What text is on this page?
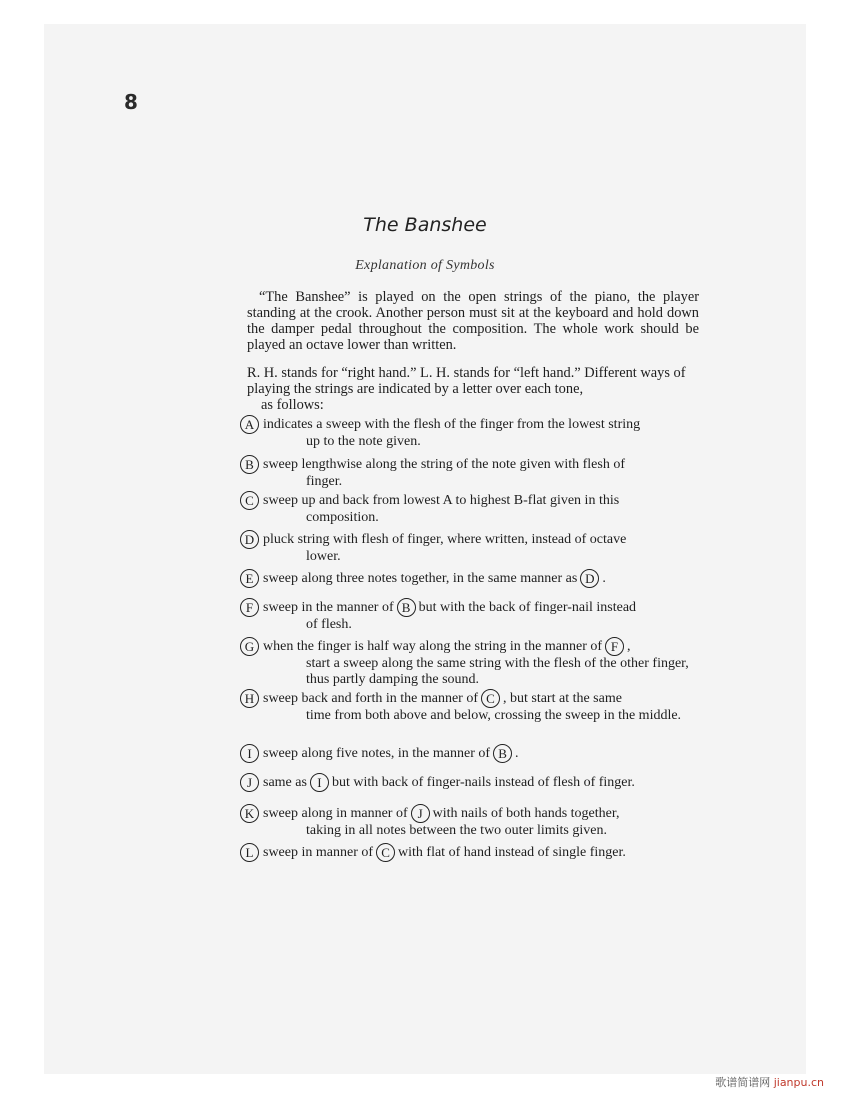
8
The Banshee
Explanation of Symbols

“The Banshee” is played on the open strings of the piano, the player standing at the crook. Another person must sit at the keyboard and hold down the damper pedal throughout the composition. The whole work should be played an octave lower than written.

R. H. stands for “right hand.” L. H. stands for “left hand.” Different ways of playing the strings are indicated by a letter over each tone,
as follows:

A indicates a sweep with the flesh of the finger from the lowest string
up to the note given.
B sweep lengthwise along the string of the note given with flesh of
finger.
C sweep up and back from lowest A to highest B-flat given in this
composition.
D pluck string with flesh of finger, where written, instead of octave
lower.
E sweep along three notes together, in the same manner as D .
F sweep in the manner of B but with the back of finger-nail instead
of flesh.
G when the finger is half way along the string in the manner of F ,
start a sweep along the same string with the flesh of the other finger, thus partly damping the sound.
H sweep back and forth in the manner of C , but start at the same
time from both above and below, crossing the sweep in the middle.
I sweep along five notes, in the manner of B .
J same as I but with back of finger-nails instead of flesh of finger.
K sweep along in manner of J with nails of both hands together,
taking in all notes between the two outer limits given.
L sweep in manner of C with flat of hand instead of single finger.
歌谱简谱网 jianpu.cn
